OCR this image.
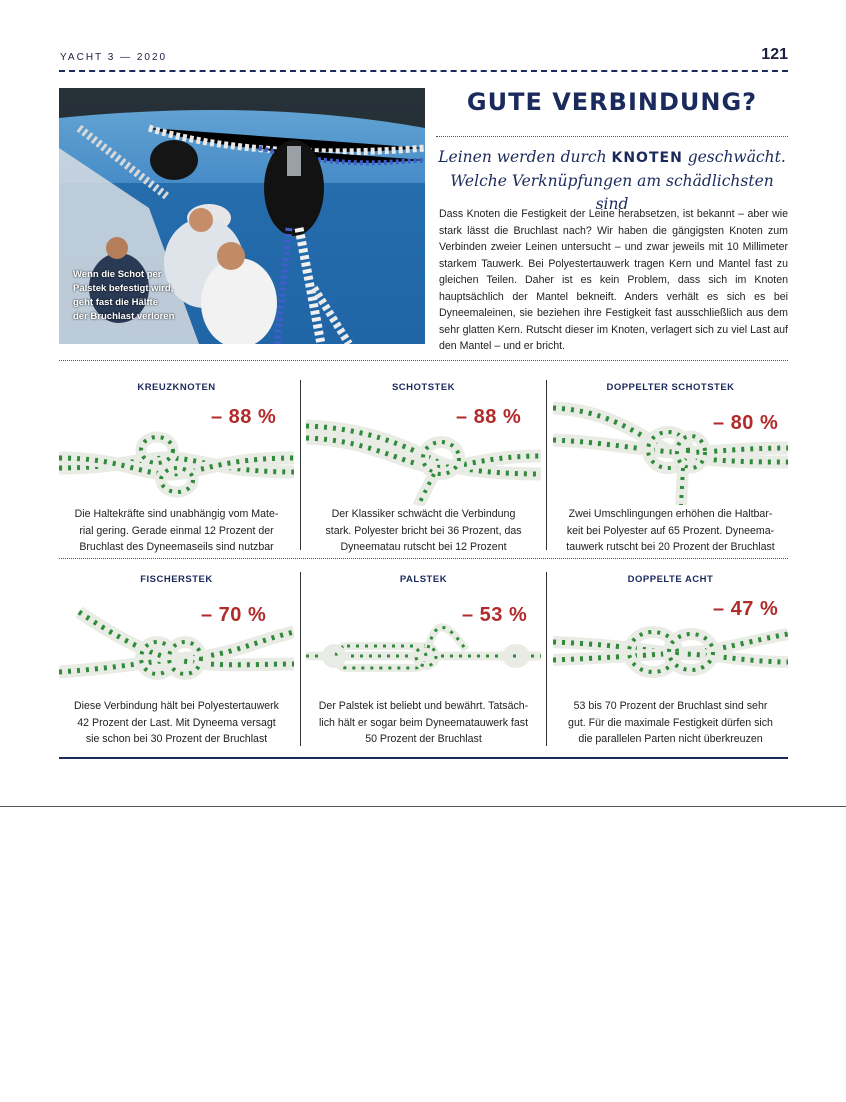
YACHT 3 — 2020	121
Wenn die Schot per
Palstek befestigt wird,
geht fast die Hälfte
der Bruchlast verloren
GUTE VERBINDUNG?
Leinen werden durch KNOTEN geschwächt.
Welche Verknüpfungen am schädlichsten sind
Dass Knoten die Festigkeit der Leine herabsetzen, ist bekannt – aber wie stark lässt die Bruchlast nach? Wir haben die gängigsten Knoten zum Verbinden zweier Leinen untersucht – und zwar jeweils mit 10 Millimeter starkem Tauwerk. Bei Polyestertauwerk tragen Kern und Mantel fast zu gleichen Teilen. Daher ist es kein Problem, dass sich im Knoten hauptsächlich der Mantel bekneift. Anders verhält es sich es bei Dyneemaleinen, sie beziehen ihre Festigkeit fast ausschließlich aus dem sehr glatten Kern. Rutscht dieser im Knoten, verlagert sich zu viel Last auf den Mantel – und er bricht.
KREUZKNOTEN
– 88 %
Die Haltekräfte sind unabhängig vom Mate-
rial gering. Gerade einmal 12 Prozent der
Bruchlast des Dyneemaseils sind nutzbar
SCHOTSTEK
– 88 %
Der Klassiker schwächt die Verbindung
stark. Polyester bricht bei 36 Prozent, das
Dyneematau rutscht bei 12 Prozent
DOPPELTER SCHOTSTEK
– 80 %
Zwei Umschlingungen erhöhen die Haltbar-
keit bei Polyester auf 65 Prozent. Dyneema-
tauwerk rutscht bei 20 Prozent der Bruchlast
FISCHERSTEK
– 70 %
Diese Verbindung hält bei Polyestertauwerk
42 Prozent der Last. Mit Dyneema versagt
sie schon bei 30 Prozent der Bruchlast
PALSTEK
– 53 %
Der Palstek ist beliebt und bewährt. Tatsäch-
lich hält er sogar beim Dyneematauwerk fast
50 Prozent der Bruchlast
DOPPELTE ACHT
– 47 %
53 bis 70 Prozent der Bruchlast sind sehr
gut. Für die maximale Festigkeit dürfen sich
die parallelen Parten nicht überkreuzen
